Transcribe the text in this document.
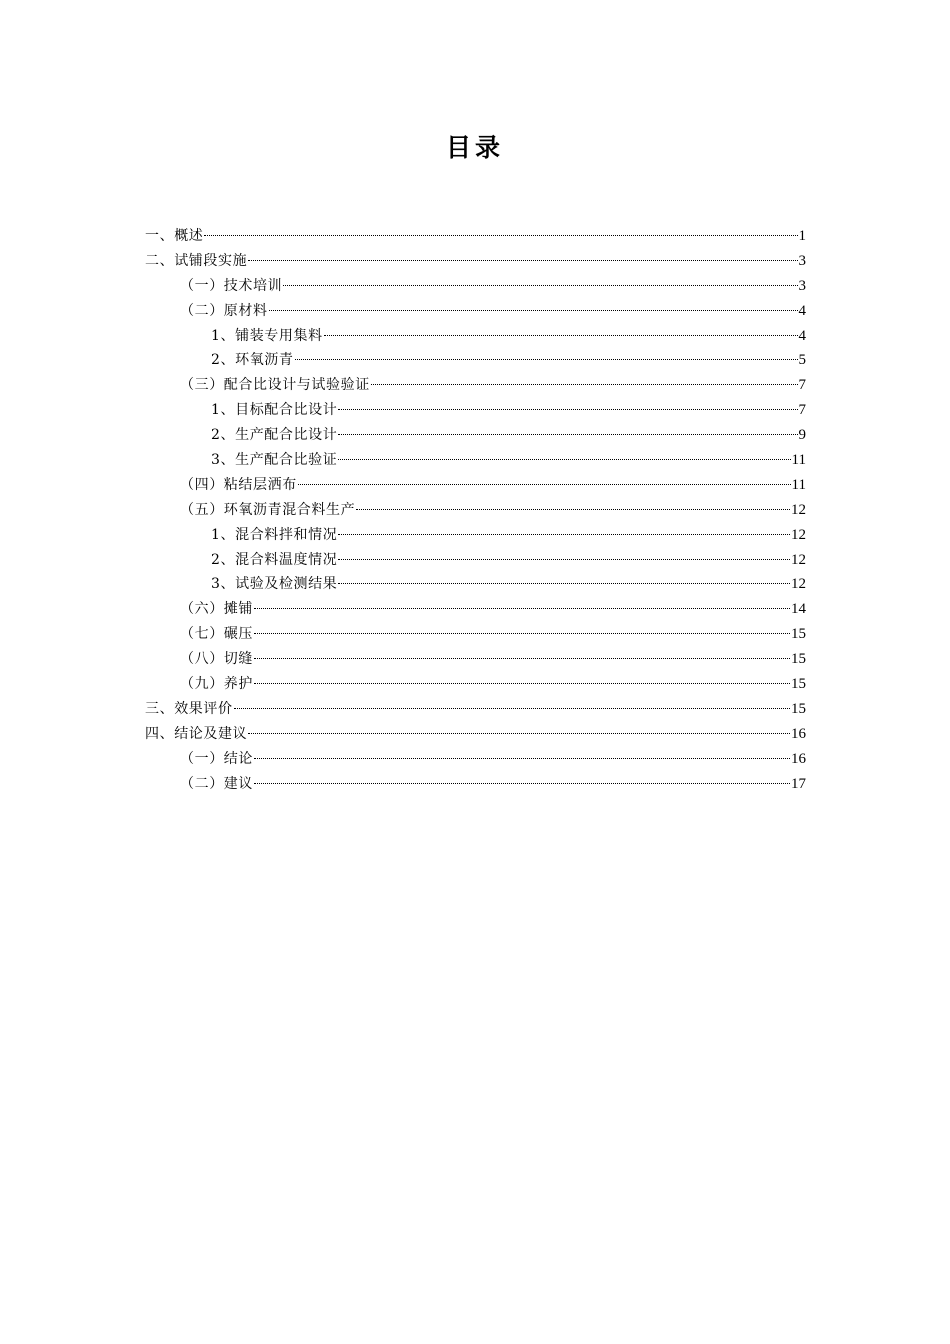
目录
一、概述	1
二、试铺段实施	3
（一）技术培训	3
（二）原材料	4
1、铺装专用集料	4
2、环氧沥青	5
（三）配合比设计与试验验证	7
1、目标配合比设计	7
2、生产配合比设计	9
3、生产配合比验证	11
（四）粘结层洒布	11
（五）环氧沥青混合料生产	12
1、混合料拌和情况	12
2、混合料温度情况	12
3、试验及检测结果	12
（六）摊铺	14
（七）碾压	15
（八）切缝	15
（九）养护	15
三、效果评价	15
四、结论及建议	16
（一）结论	16
（二）建议	17
